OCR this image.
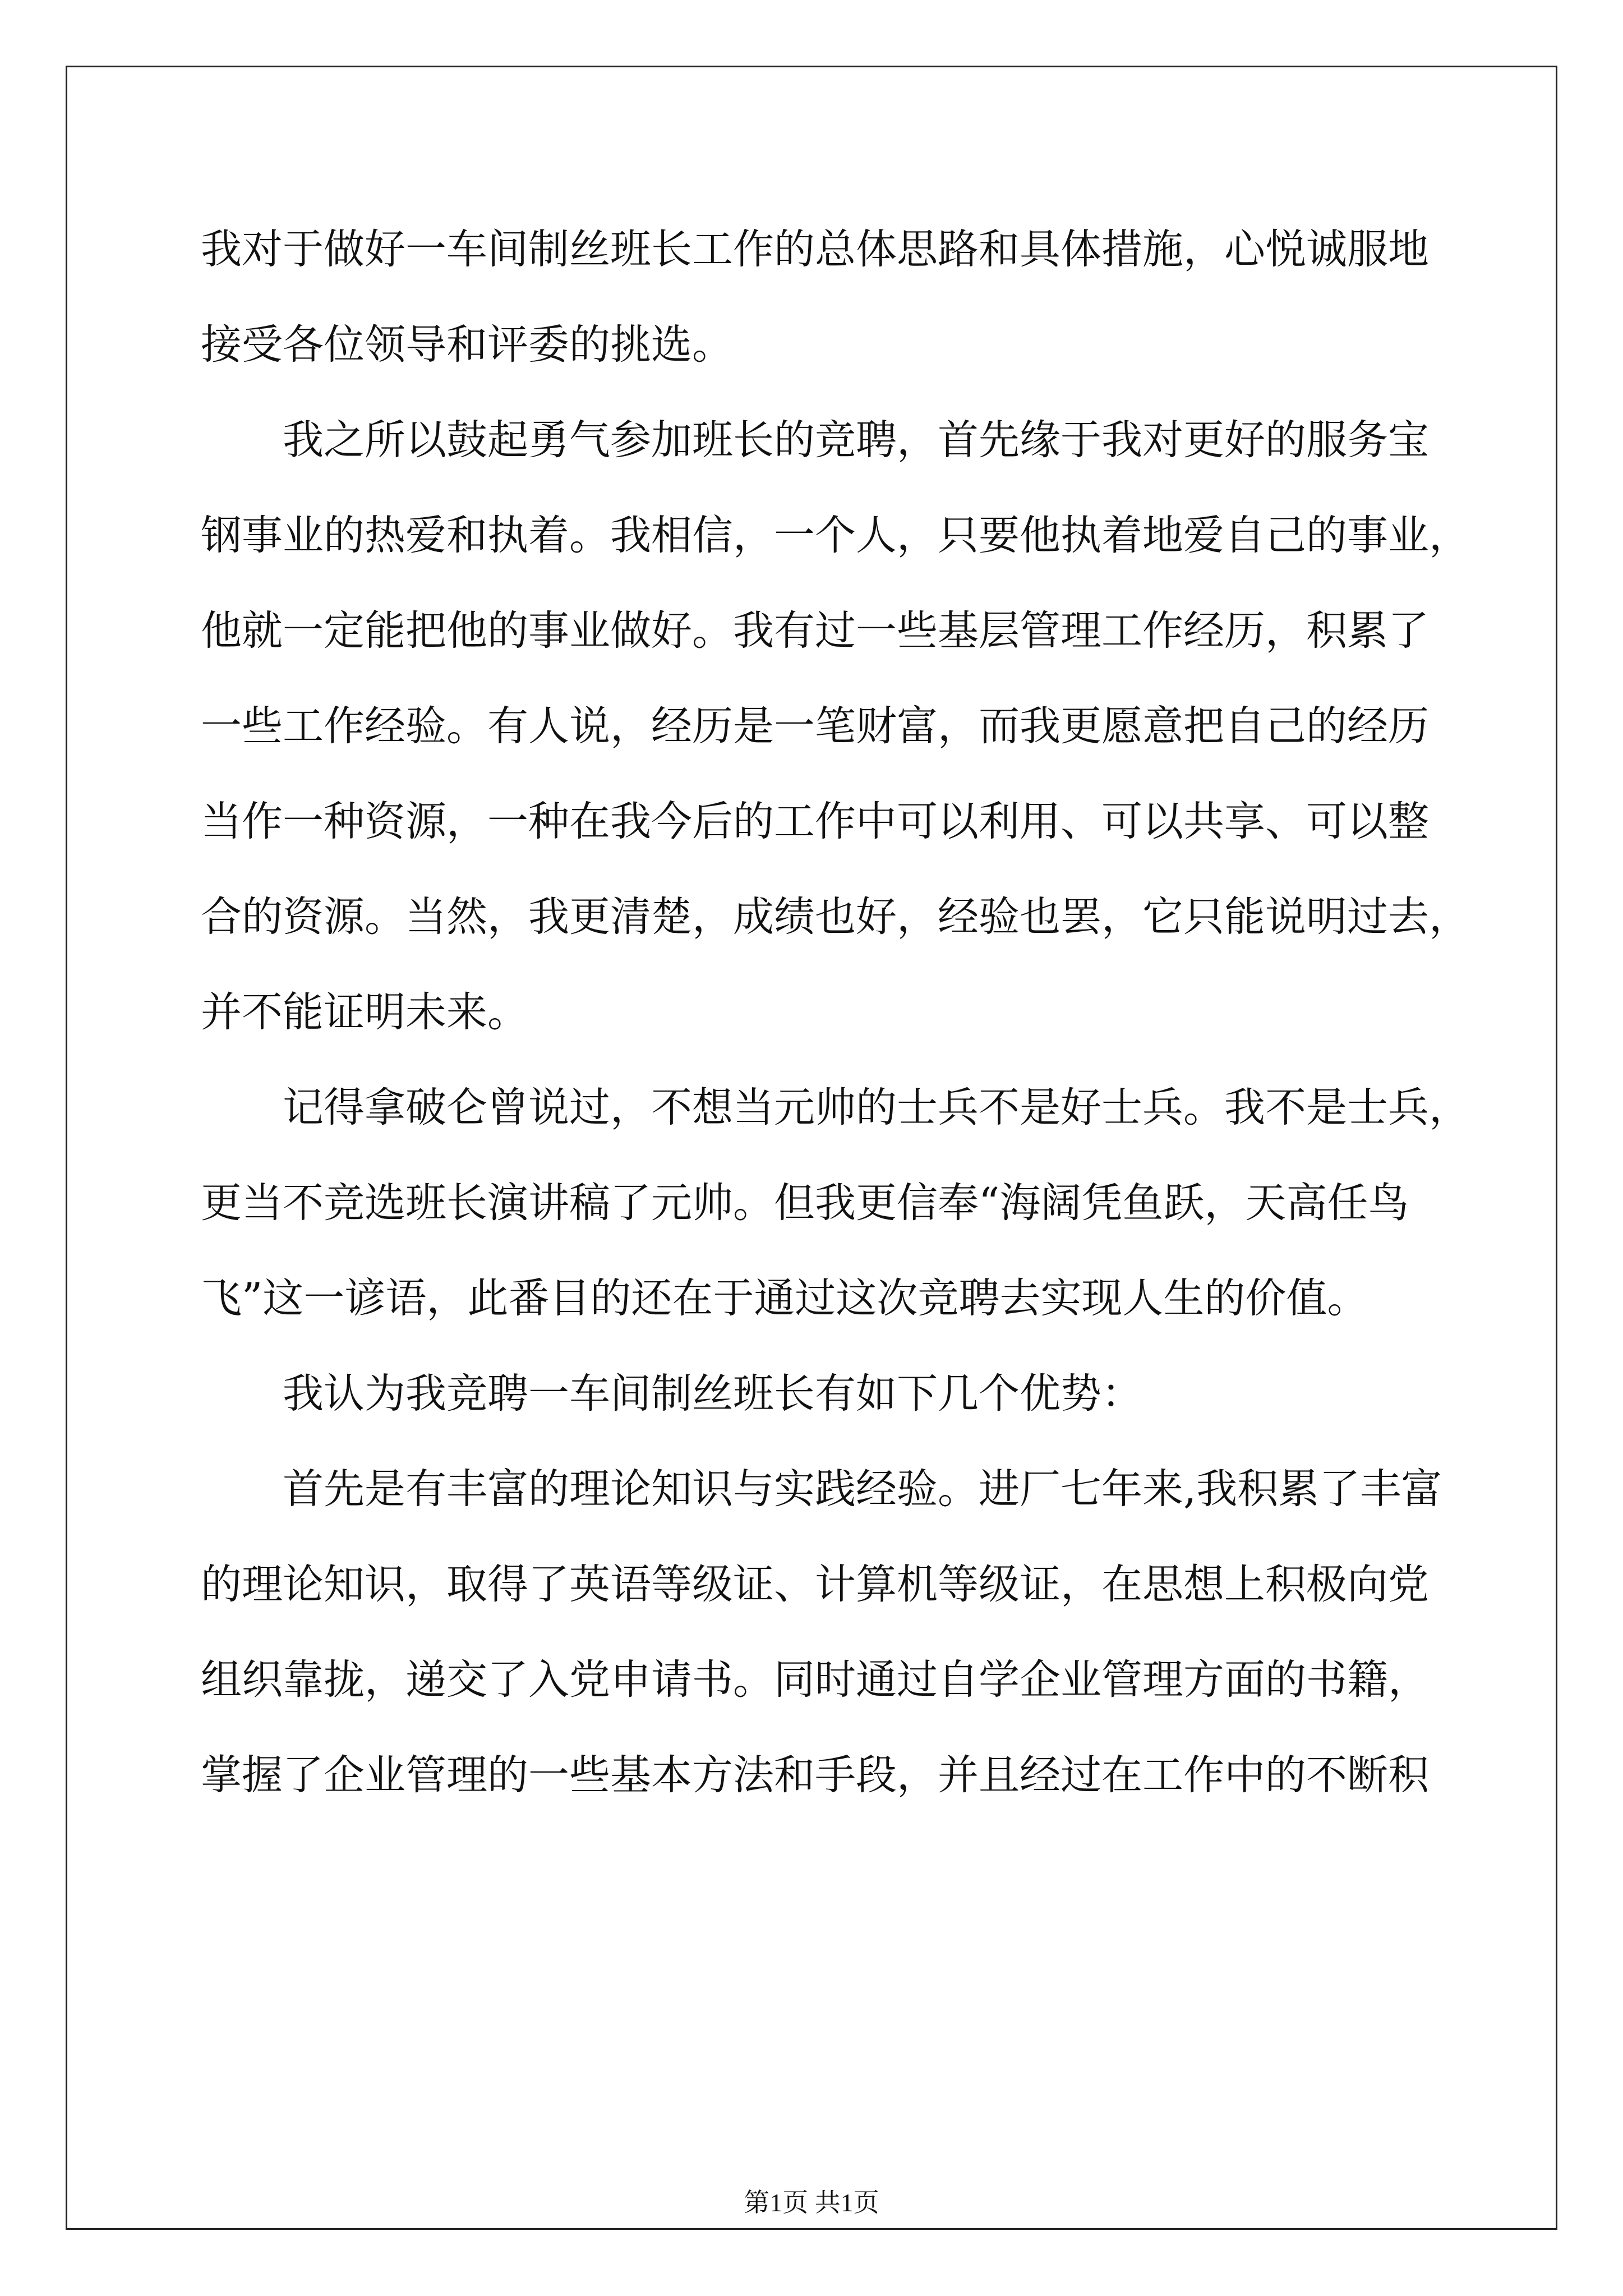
我对于做好一车间制丝班长工作的总体思路和具体措施，心悦诚服地
接受各位领导和评委的挑选。
我之所以鼓起勇气参加班长的竞聘，首先缘于我对更好的服务宝
钢事业的热爱和执着。我相信，一个人，只要他执着地爱自己的事业，
他就一定能把他的事业做好。我有过一些基层管理工作经历，积累了
一些工作经验。有人说，经历是一笔财富，而我更愿意把自己的经历
当作一种资源，一种在我今后的工作中可以利用、可以共享、可以整
合的资源。当然，我更清楚，成绩也好，经验也罢，它只能说明过去，
并不能证明未来。
记得拿破仑曾说过，不想当元帅的士兵不是好士兵。我不是士兵，
更当不竞选班长演讲稿了元帅。但我更信奉“海阔凭鱼跃，天高任鸟
飞”这一谚语，此番目的还在于通过这次竞聘去实现人生的价值。
我认为我竞聘一车间制丝班长有如下几个优势：
首先是有丰富的理论知识与实践经验。进厂七年来,我积累了丰富
的理论知识，取得了英语等级证、计算机等级证，在思想上积极向党
组织靠拢，递交了入党申请书。同时通过自学企业管理方面的书籍，
掌握了企业管理的一些基本方法和手段，并且经过在工作中的不断积
第1页 共1页
